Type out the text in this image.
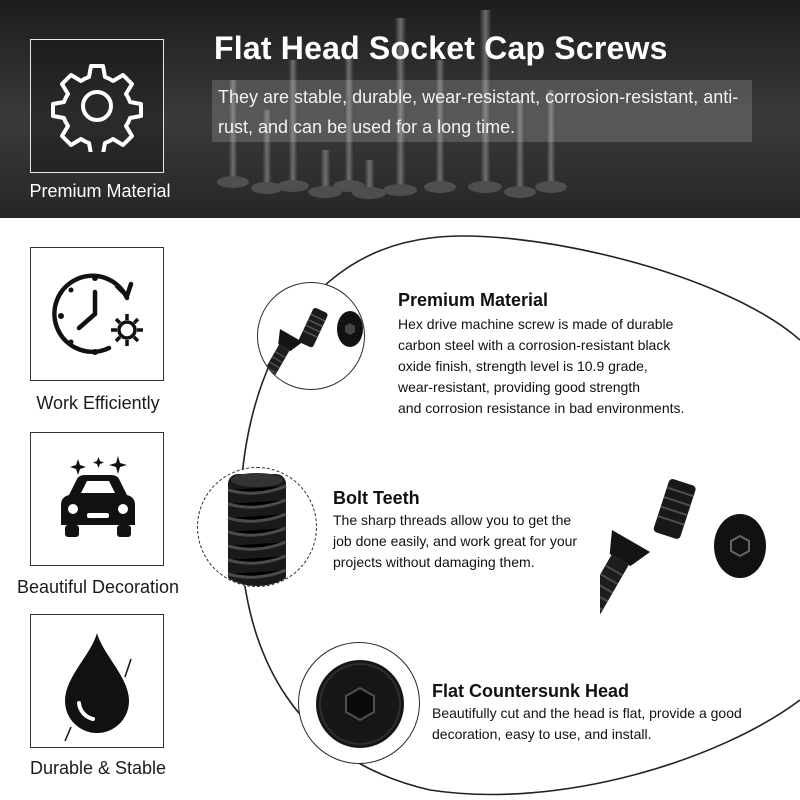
Premium Material
Flat Head Socket Cap Screws
They are stable, durable, wear-resistant, corrosion-resistant, anti-rust, and can be used for a long time.
Work Efficiently
Beautiful Decoration
Durable & Stable
Premium Material
Hex drive machine screw is made of durable
carbon steel with a corrosion-resistant black
oxide finish, strength level is 10.9 grade,
wear-resistant, providing good strength
and corrosion resistance in bad environments.
Bolt Teeth
The sharp threads allow you to get the
job done easily, and work great for your
projects without damaging them.
Flat Countersunk Head
Beautifully cut and the head is flat, provide a good
decoration, easy to use, and install.
